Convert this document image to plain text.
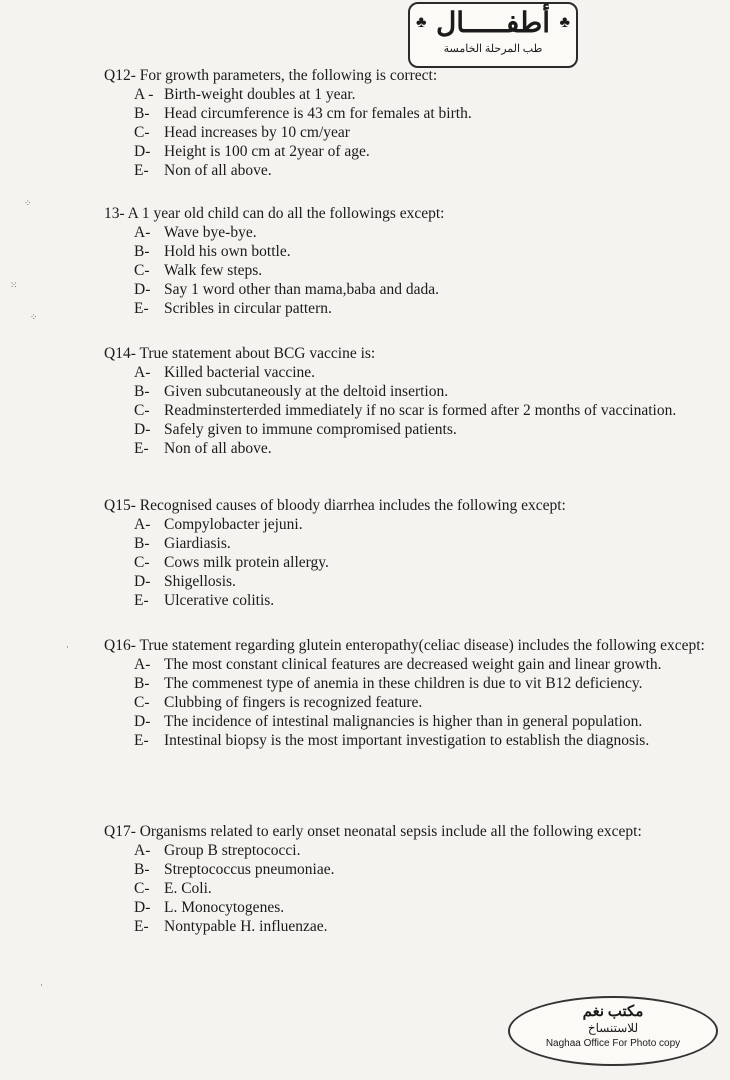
♣ أطفـــــال
طب المرحلة الخامسة
♣
Q12- For growth parameters, the following is correct:
A - Birth-weight doubles at 1 year.
B- Head circumference is 43 cm for females at birth.
C- Head increases by 10 cm/year
D- Height is 100 cm at 2year of age.
E- Non of all above.
13- A 1 year old child can do all the followings except:
A- Wave bye-bye.
B- Hold his own bottle.
C- Walk few steps.
D- Say 1 word other than mama,baba and dada.
E- Scribles in circular pattern.
Q14- True statement about BCG vaccine is:
A- Killed bacterial vaccine.
B- Given subcutaneously at the deltoid insertion.
C- Readminsterterded immediately if no scar is formed after 2 months of vaccination.
D- Safely given to immune compromised patients.
E- Non of all above.
Q15- Recognised causes of bloody diarrhea includes the following except:
A- Compylobacter jejuni.
B- Giardiasis.
C- Cows milk protein allergy.
D- Shigellosis.
E- Ulcerative colitis.
Q16- True statement regarding glutein enteropathy(celiac disease) includes the following except:
A- The most constant clinical features are decreased weight gain and linear growth.
B- The commenest type of anemia in these children is due to vit B12 deficiency.
C- Clubbing of fingers is recognized feature.
D- The incidence of intestinal malignancies is higher than in general population.
E- Intestinal biopsy is the most important investigation to establish the diagnosis.
Q17- Organisms related to early onset neonatal sepsis include all the following except:
A- Group B streptococci.
B- Streptococcus pneumoniae.
C- E. Coli.
D- L. Monocytogenes.
E- Nontypable H. influenzae.
⁘
⁙
⁘
·
·
مكتب نغم
للاستنساخ
Naghaa Office For Photo copy
